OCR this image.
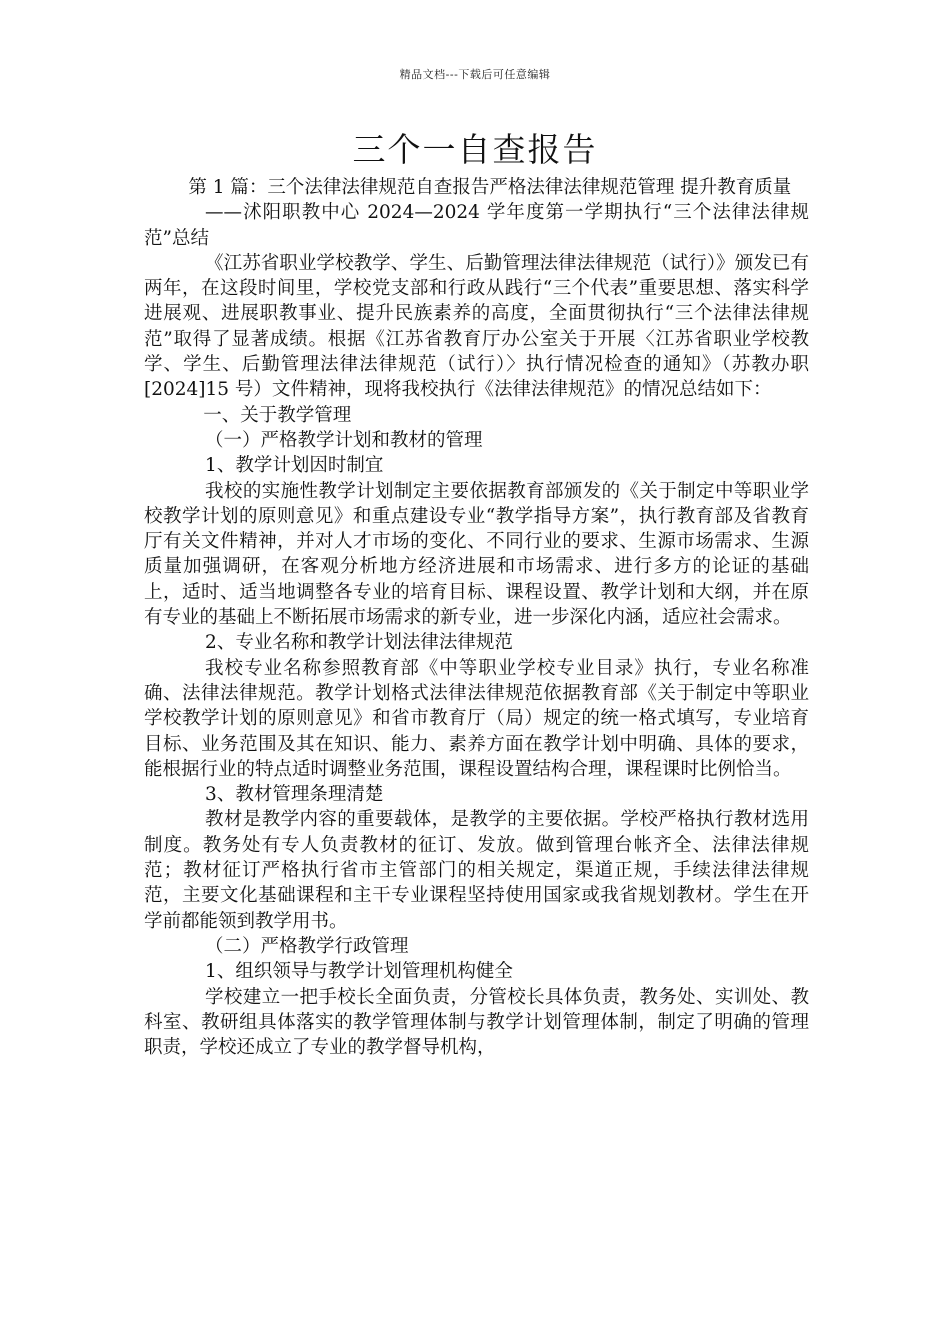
精品文档---下载后可任意编辑
三个一自查报告

第 1 篇：三个法律法律规范自查报告严格法律法律规范管理 提升教育质量

——沭阳职教中心 2024—2024 学年度第一学期执行“三个法律法律规范”总结

《江苏省职业学校教学、学生、后勤管理法律法律规范（试行）》颁发已有两年，在这段时间里，学校党支部和行政从践行“三个代表”重要思想、落实科学进展观、进展职教事业、提升民族素养的高度，全面贯彻执行“三个法律法律规范”取得了显著成绩。根据《江苏省教育厅办公室关于开展〈江苏省职业学校教学、学生、后勤管理法律法律规范（试行）〉执行情况检查的通知》（苏教办职[2024]15 号）文件精神，现将我校执行《法律法律规范》的情况总结如下：

一、关于教学管理

（一）严格教学计划和教材的管理

1、教学计划因时制宜

我校的实施性教学计划制定主要依据教育部颁发的《关于制定中等职业学校教学计划的原则意见》和重点建设专业“教学指导方案”，执行教育部及省教育厅有关文件精神，并对人才市场的变化、不同行业的要求、生源市场需求、生源质量加强调研，在客观分析地方经济进展和市场需求、进行多方的论证的基础上，适时、适当地调整各专业的培育目标、课程设置、教学计划和大纲，并在原有专业的基础上不断拓展市场需求的新专业，进一步深化内涵，适应社会需求。

2、专业名称和教学计划法律法律规范

我校专业名称参照教育部《中等职业学校专业目录》执行，专业名称准确、法律法律规范。教学计划格式法律法律规范依据教育部《关于制定中等职业学校教学计划的原则意见》和省市教育厅（局）规定的统一格式填写，专业培育目标、业务范围及其在知识、能力、素养方面在教学计划中明确、具体的要求，能根据行业的特点适时调整业务范围，课程设置结构合理，课程课时比例恰当。

3、教材管理条理清楚

教材是教学内容的重要载体，是教学的主要依据。学校严格执行教材选用制度。教务处有专人负责教材的征订、发放。做到管理台帐齐全、法律法律规范；教材征订严格执行省市主管部门的相关规定，渠道正规，手续法律法律规范，主要文化基础课程和主干专业课程坚持使用国家或我省规划教材。学生在开学前都能领到教学用书。

（二）严格教学行政管理

1、组织领导与教学计划管理机构健全

学校建立一把手校长全面负责，分管校长具体负责，教务处、实训处、教科室、教研组具体落实的教学管理体制与教学计划管理体制，制定了明确的管理职责，学校还成立了专业的教学督导机构，
